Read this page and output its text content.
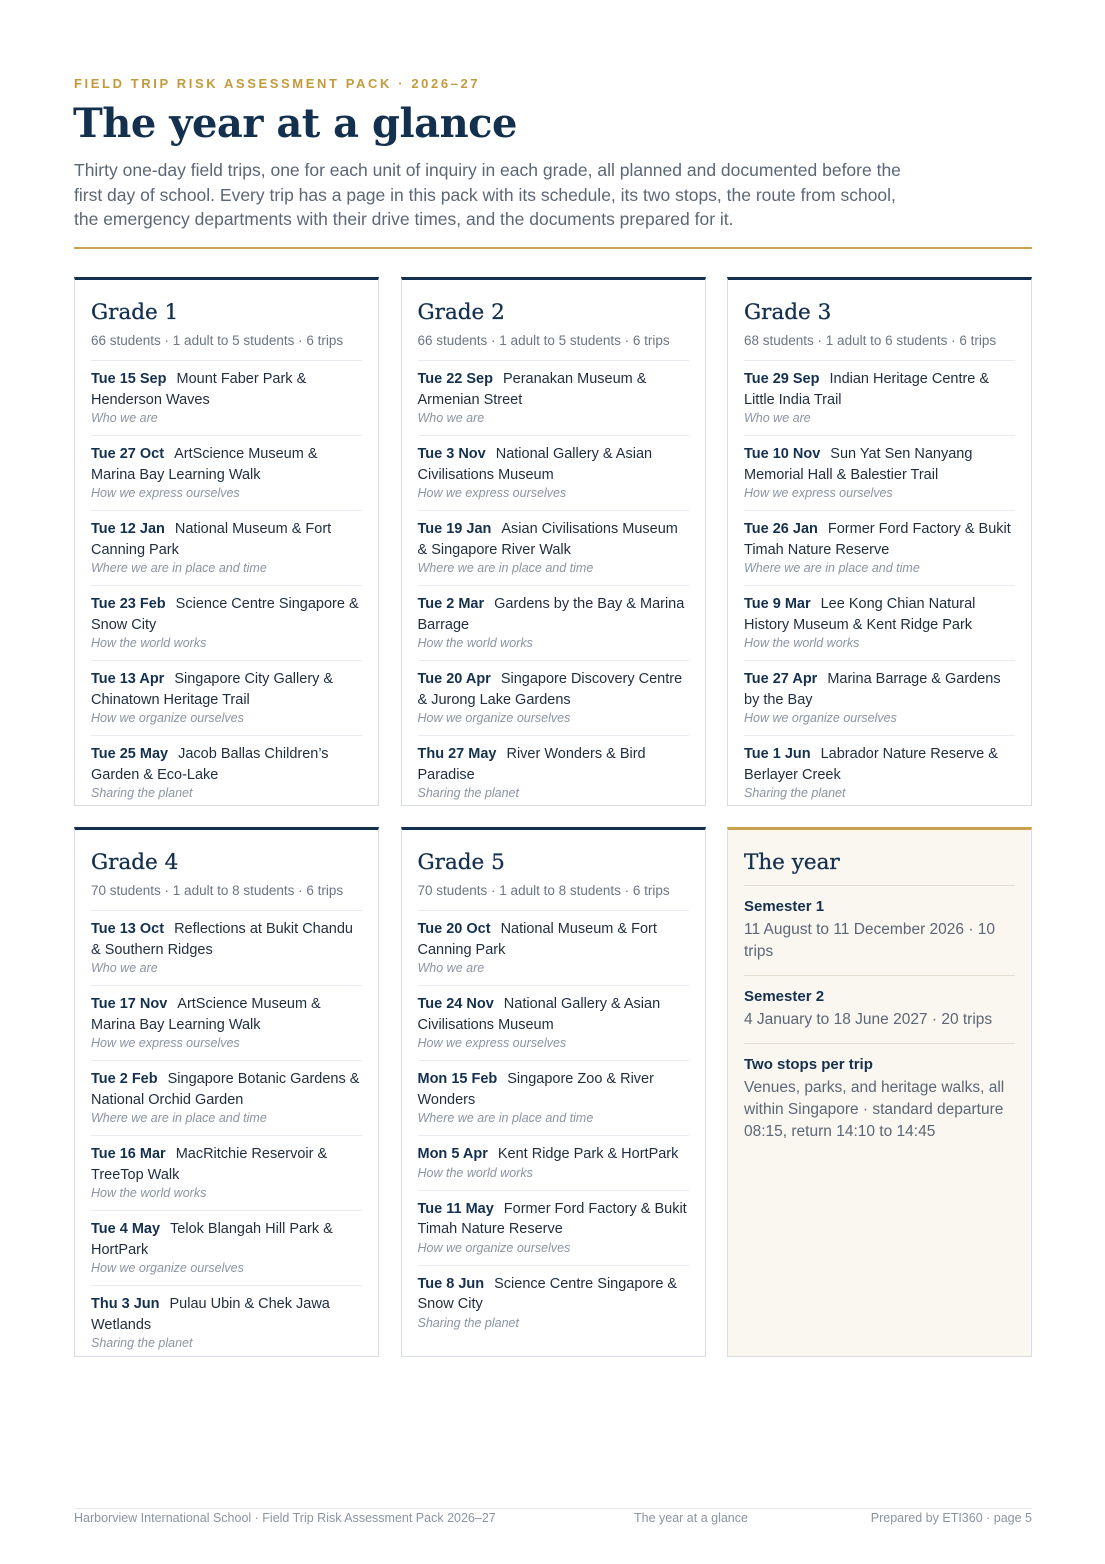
FIELD TRIP RISK ASSESSMENT PACK · 2026–27

The year at a glance

Thirty one-day field trips, one for each unit of inquiry in each grade, all planned and documented before the first day of school. Every trip has a page in this pack with its schedule, its two stops, the route from school, the emergency departments with their drive times, and the documents prepared for it.

Grade 1
66 students · 1 adult to 5 students · 6 trips
Tue 15 Sep Mount Faber Park & Henderson Waves
Who we are
Tue 27 Oct ArtScience Museum & Marina Bay Learning Walk
How we express ourselves
Tue 12 Jan National Museum & Fort Canning Park
Where we are in place and time
Tue 23 Feb Science Centre Singapore & Snow City
How the world works
Tue 13 Apr Singapore City Gallery & Chinatown Heritage Trail
How we organize ourselves
Tue 25 May Jacob Ballas Children’s Garden & Eco-Lake
Sharing the planet
Grade 2
66 students · 1 adult to 5 students · 6 trips
Tue 22 Sep Peranakan Museum & Armenian Street
Who we are
Tue 3 Nov National Gallery & Asian Civilisations Museum
How we express ourselves
Tue 19 Jan Asian Civilisations Museum & Singapore River Walk
Where we are in place and time
Tue 2 Mar Gardens by the Bay & Marina Barrage
How the world works
Tue 20 Apr Singapore Discovery Centre & Jurong Lake Gardens
How we organize ourselves
Thu 27 May River Wonders & Bird Paradise
Sharing the planet
Grade 3
68 students · 1 adult to 6 students · 6 trips
Tue 29 Sep Indian Heritage Centre & Little India Trail
Who we are
Tue 10 Nov Sun Yat Sen Nanyang Memorial Hall & Balestier Trail
How we express ourselves
Tue 26 Jan Former Ford Factory & Bukit Timah Nature Reserve
Where we are in place and time
Tue 9 Mar Lee Kong Chian Natural History Museum & Kent Ridge Park
How the world works
Tue 27 Apr Marina Barrage & Gardens by the Bay
How we organize ourselves
Tue 1 Jun Labrador Nature Reserve & Berlayer Creek
Sharing the planet
Grade 4
70 students · 1 adult to 8 students · 6 trips
Tue 13 Oct Reflections at Bukit Chandu & Southern Ridges
Who we are
Tue 17 Nov ArtScience Museum & Marina Bay Learning Walk
How we express ourselves
Tue 2 Feb Singapore Botanic Gardens & National Orchid Garden
Where we are in place and time
Tue 16 Mar MacRitchie Reservoir & TreeTop Walk
How the world works
Tue 4 May Telok Blangah Hill Park & HortPark
How we organize ourselves
Thu 3 Jun Pulau Ubin & Chek Jawa Wetlands
Sharing the planet
Grade 5
70 students · 1 adult to 8 students · 6 trips
Tue 20 Oct National Museum & Fort Canning Park
Who we are
Tue 24 Nov National Gallery & Asian Civilisations Museum
How we express ourselves
Mon 15 Feb Singapore Zoo & River Wonders
Where we are in place and time
Mon 5 Apr Kent Ridge Park & HortPark
How the world works
Tue 11 May Former Ford Factory & Bukit Timah Nature Reserve
How we organize ourselves
Tue 8 Jun Science Centre Singapore & Snow City
Sharing the planet
The year
Semester 1
11 August to 11 December 2026 · 10 trips
Semester 2
4 January to 18 June 2027 · 20 trips
Two stops per trip
Venues, parks, and heritage walks, all within Singapore · standard departure 08:15, return 14:10 to 14:45
Harborview International School · Field Trip Risk Assessment Pack 2026–27	The year at a glance	Prepared by ETI360 · page 5
